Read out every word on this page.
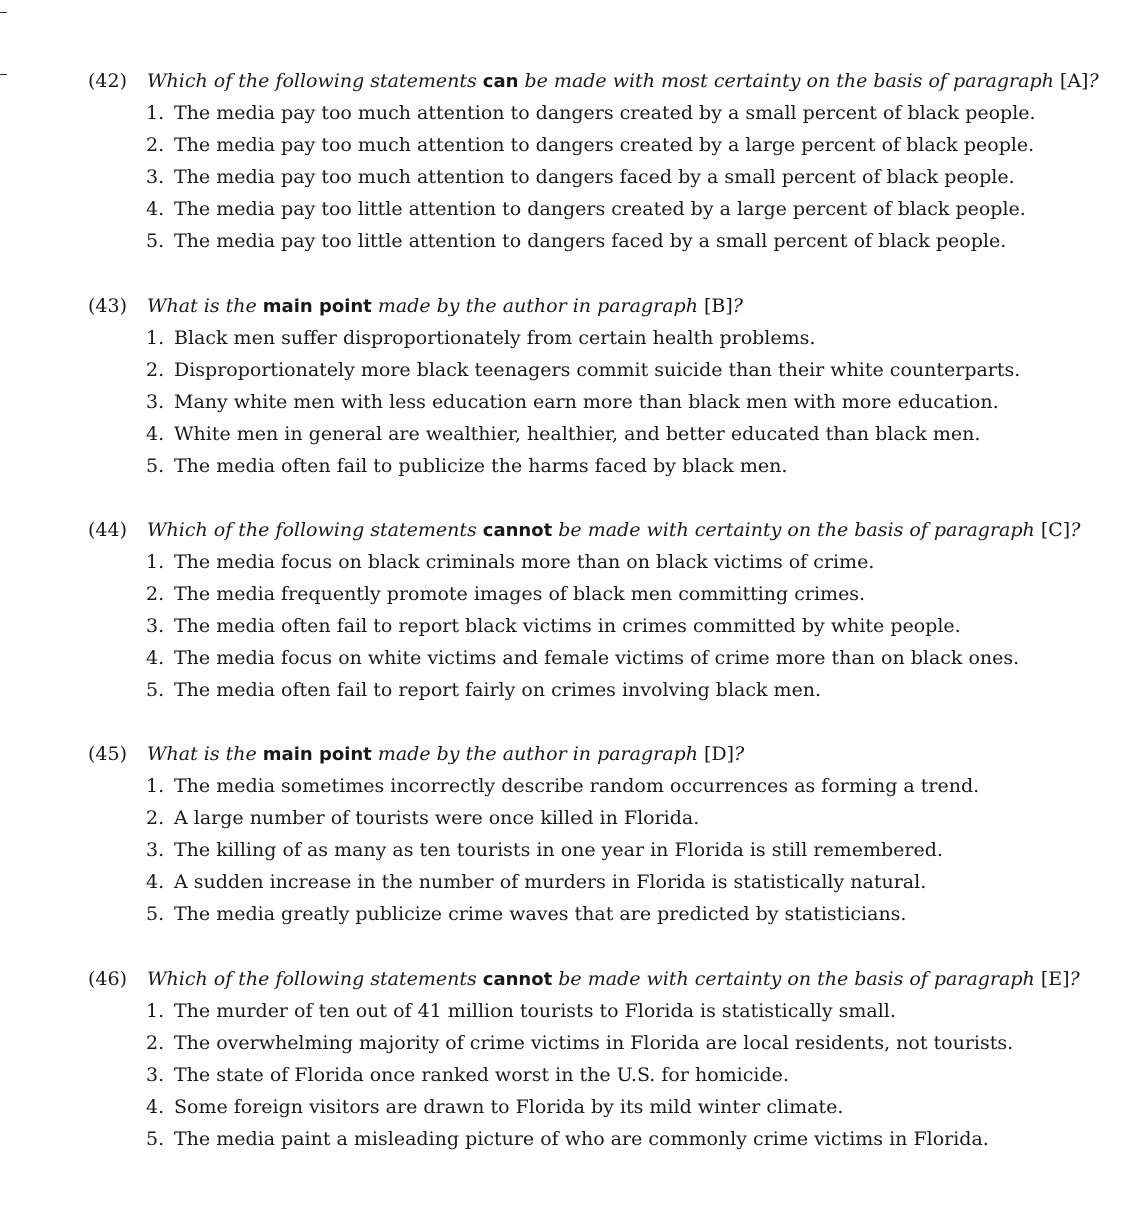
(42) Which of the following statements can be made with most certainty on the basis of paragraph [A]?
1. The media pay too much attention to dangers created by a small percent of black people.
2. The media pay too much attention to dangers created by a large percent of black people.
3. The media pay too much attention to dangers faced by a small percent of black people.
4. The media pay too little attention to dangers created by a large percent of black people.
5. The media pay too little attention to dangers faced by a small percent of black people.
(43) What is the main point made by the author in paragraph [B]?
1. Black men suffer disproportionately from certain health problems.
2. Disproportionately more black teenagers commit suicide than their white counterparts.
3. Many white men with less education earn more than black men with more education.
4. White men in general are wealthier, healthier, and better educated than black men.
5. The media often fail to publicize the harms faced by black men.
(44) Which of the following statements cannot be made with certainty on the basis of paragraph [C]?
1. The media focus on black criminals more than on black victims of crime.
2. The media frequently promote images of black men committing crimes.
3. The media often fail to report black victims in crimes committed by white people.
4. The media focus on white victims and female victims of crime more than on black ones.
5. The media often fail to report fairly on crimes involving black men.
(45) What is the main point made by the author in paragraph [D]?
1. The media sometimes incorrectly describe random occurrences as forming a trend.
2. A large number of tourists were once killed in Florida.
3. The killing of as many as ten tourists in one year in Florida is still remembered.
4. A sudden increase in the number of murders in Florida is statistically natural.
5. The media greatly publicize crime waves that are predicted by statisticians.
(46) Which of the following statements cannot be made with certainty on the basis of paragraph [E]?
1. The murder of ten out of 41 million tourists to Florida is statistically small.
2. The overwhelming majority of crime victims in Florida are local residents, not tourists.
3. The state of Florida once ranked worst in the U.S. for homicide.
4. Some foreign visitors are drawn to Florida by its mild winter climate.
5. The media paint a misleading picture of who are commonly crime victims in Florida.
